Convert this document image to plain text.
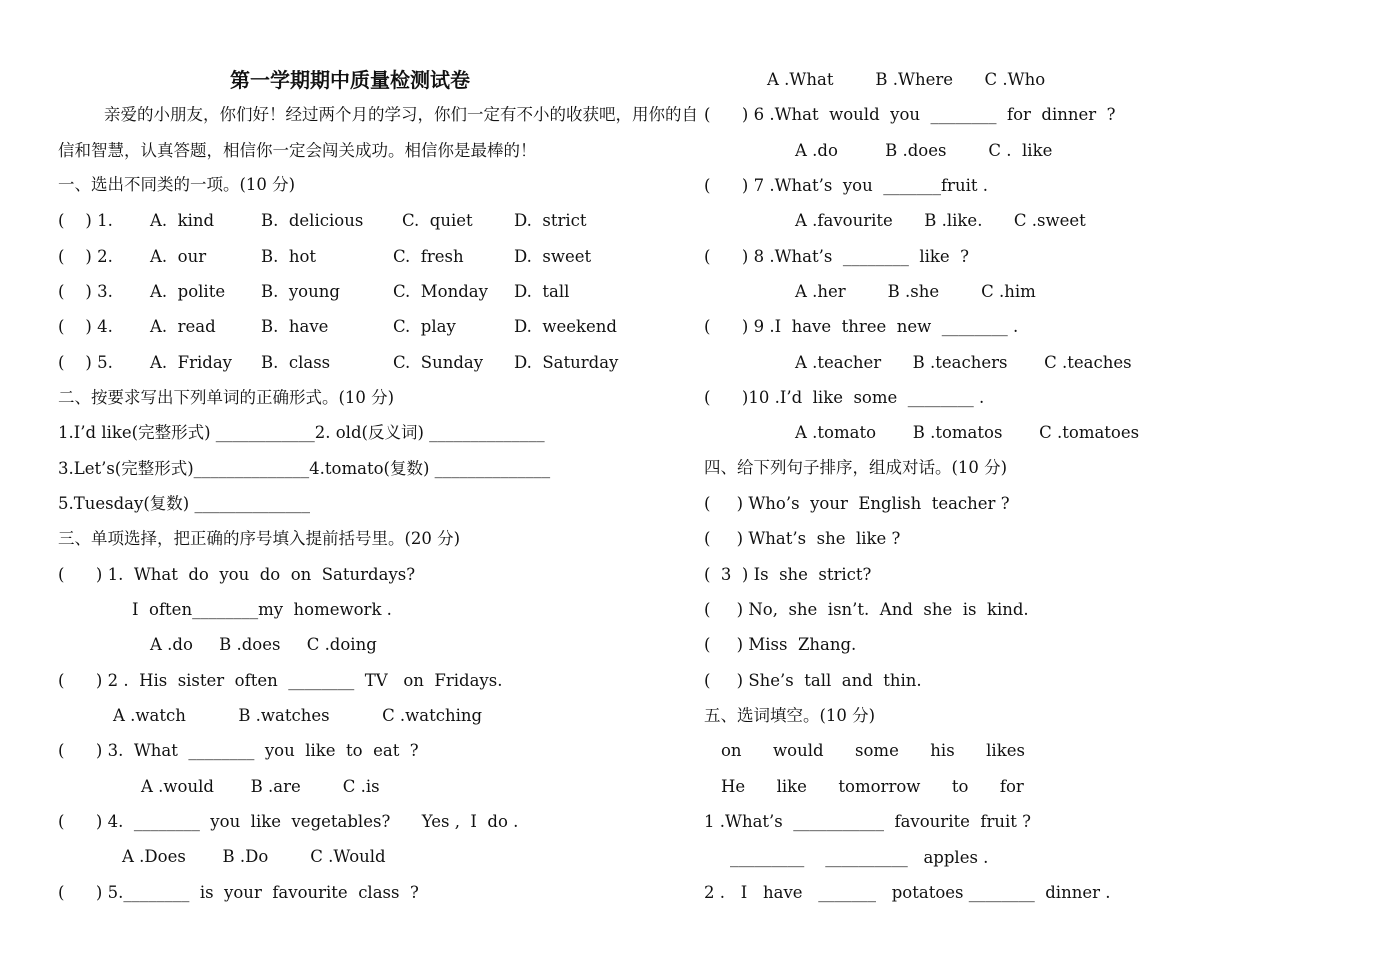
第一学期期中质量检测试卷
亲爱的小朋友，你们好！经过两个月的学习，你们一定有不小的收获吧，用你的自
信和智慧，认真答题，相信你一定会闯关成功。相信你是最棒的！
一、选出不同类的一项。(10 分)
(    ) 1. A.  kind	B.  delicious C.  quiet	D.  strict
(    ) 2. A.  our	B.  hot	C.  fresh	D.  sweet
(    ) 3. A.  polite B.  young	C.  Monday D.  tall
(    ) 4. A.  read	B.  have	C.  play	D.  weekend
(    ) 5. A.  Friday B.  class	C.  Sunday D.  Saturday
二、按要求写出下列单词的正确形式。(10 分)
1.I’d like(完整形式) ____________2. old(反义词) ______________
3.Let’s(完整形式)______________4.tomato(复数) ______________
5.Tuesday(复数) ______________
三、单项选择，把正确的序号填入提前括号里。(20 分)
(      ) 1.  What  do  you  do  on  Saturdays?
I  often________my  homework .
A .do     B .does     C .doing
(      ) 2 .  His  sister  often  ________  TV   on  Fridays.
A .watch          B .watches          C .watching
(      ) 3.  What  ________  you  like  to  eat  ?
A .would       B .are        C .is
(      ) 4.  ________  you  like  vegetables?      Yes ,  I  do .
A .Does       B .Do        C .Would
(      ) 5.________  is  your  favourite  class  ?
A .What        B .Where      C .Who
(      ) 6 .What  would  you  ________  for  dinner  ?
A .do         B .does        C .  like
(      ) 7 .What’s  you  _______fruit .
A .favourite      B .like.      C .sweet
(      ) 8 .What’s  ________  like  ?
A .her        B .she        C .him
(      ) 9 .I  have  three  new  ________ .
A .teacher      B .teachers       C .teaches
(      )10 .I’d  like  some  ________ .
A .tomato       B .tomatos       C .tomatoes
四、给下列句子排序，组成对话。(10 分)
(     ) Who’s  your  English  teacher ?
(     ) What’s  she  like ?
(  3  ) Is  she  strict?
(     ) No,  she  isn’t.  And  she  is  kind.
(     ) Miss  Zhang.
(     ) She’s  tall  and  thin.
五、选词填空。(10 分)
on      would      some      his      likes
He      like      tomorrow      to      for
1 .What’s  ___________  favourite  fruit ?
_________    __________   apples .
2 .   I   have   _______   potatoes ________  dinner .
